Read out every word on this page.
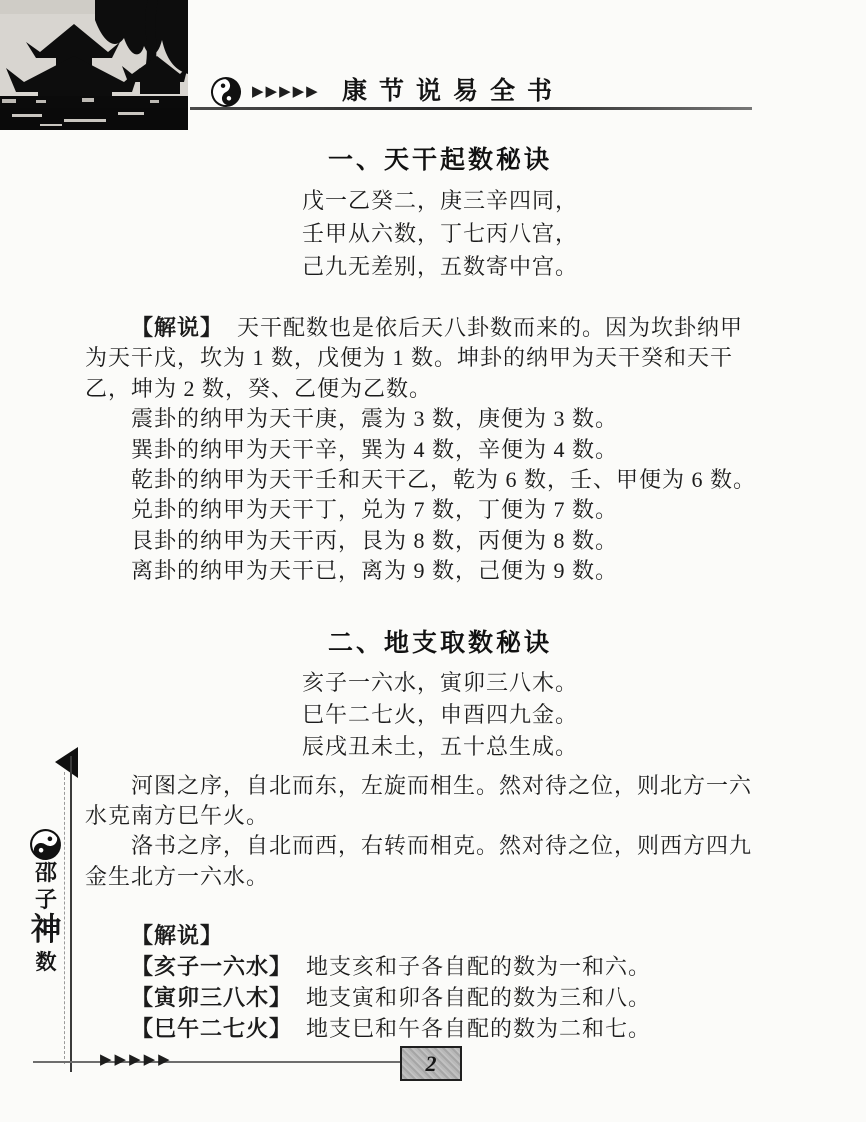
▶▶▶▶▶ 康节说易全书
一、天干起数秘诀
戊一乙癸二，庚三辛四同，
壬甲从六数，丁七丙八宫，
己九无差别，五数寄中宫。
【解说】 天干配数也是依后天八卦数而来的。因为坎卦纳甲
为天干戊，坎为 1 数，戊便为 1 数。坤卦的纳甲为天干癸和天干
乙，坤为 2 数，癸、乙便为乙数。
震卦的纳甲为天干庚，震为 3 数，庚便为 3 数。
巽卦的纳甲为天干辛，巽为 4 数，辛便为 4 数。
乾卦的纳甲为天干壬和天干乙，乾为 6 数，壬、甲便为 6 数。
兑卦的纳甲为天干丁，兑为 7 数，丁便为 7 数。
艮卦的纳甲为天干丙，艮为 8 数，丙便为 8 数。
离卦的纳甲为天干已，离为 9 数，己便为 9 数。
二、地支取数秘诀
亥子一六水，寅卯三八木。
巳午二七火，申酉四九金。
辰戌丑未土，五十总生成。
河图之序，自北而东，左旋而相生。然对待之位，则北方一六
水克南方巳午火。
洛书之序，自北而西，右转而相克。然对待之位，则西方四九
金生北方一六水。
【解说】
【亥子一六水】 地支亥和子各自配的数为一和六。
【寅卯三八木】 地支寅和卯各自配的数为三和八。
【巳午二七火】 地支巳和午各自配的数为二和七。
邵
子
神
数
▶▶▶▶▶	2
